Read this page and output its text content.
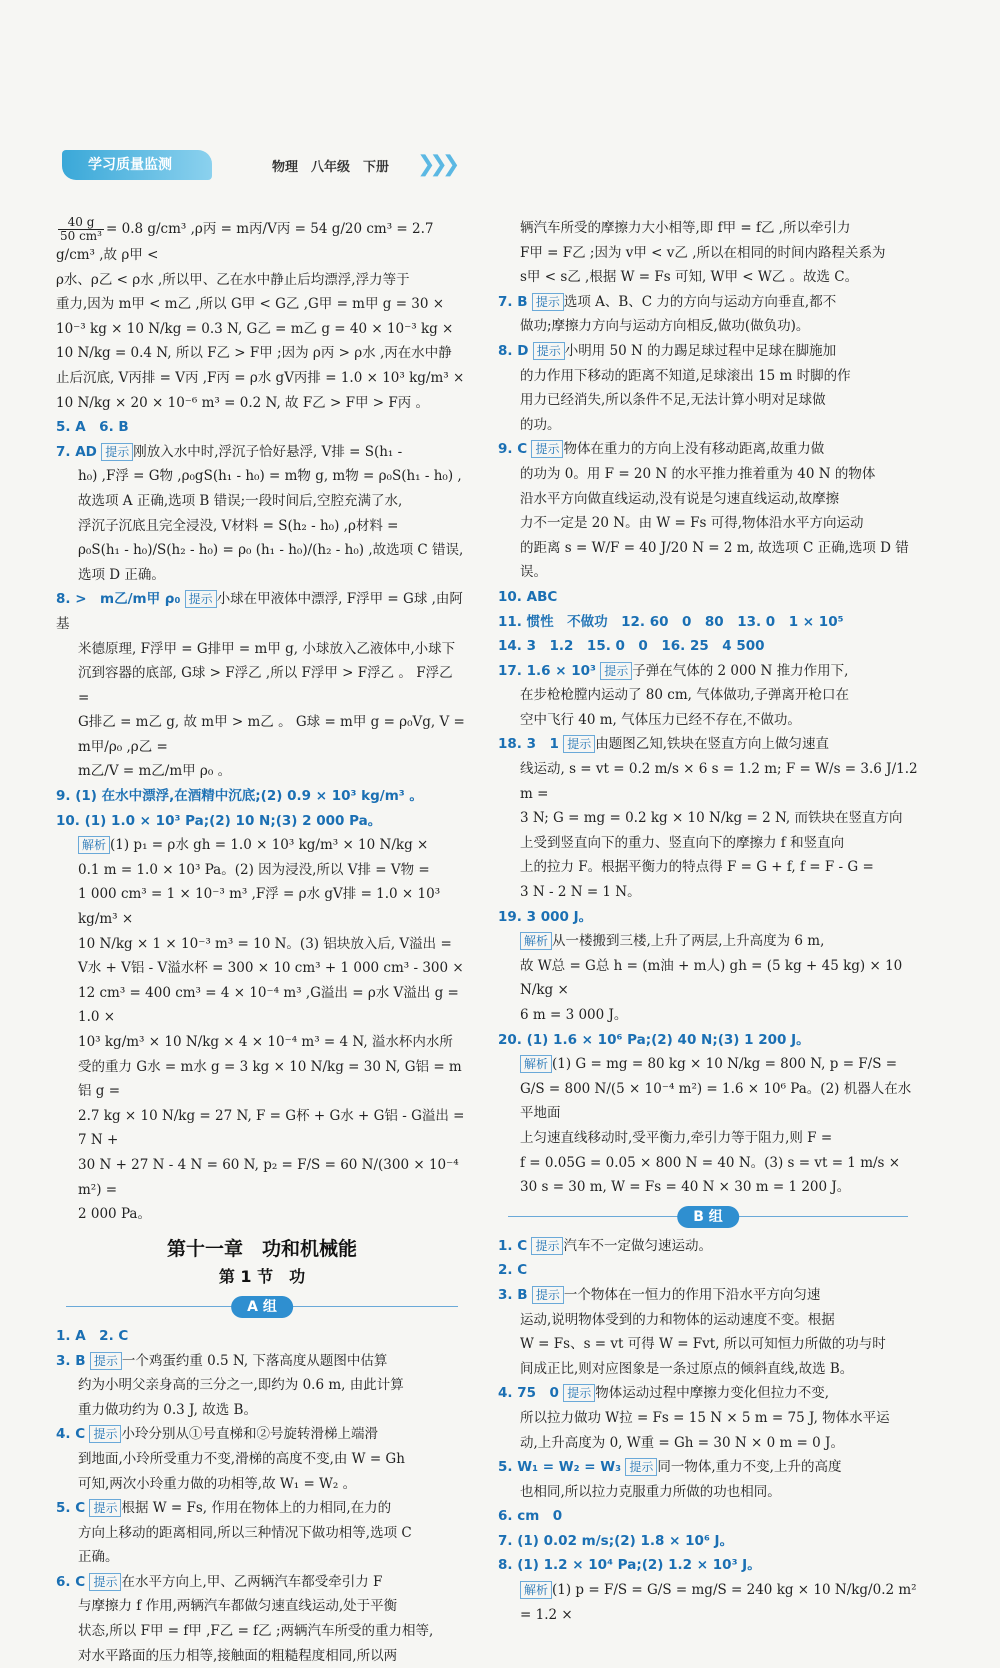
学习质量监测	物理　八年级　下册 ❯❯❯

$\frac{40 g}{\text{50 cm³}} = 0.8$ g/cm³ ,ρ丙 = m丙/V丙 = 54 g/20 cm³ = 2.7 g/cm³ ,故 ρ甲 <

ρ水、ρ乙 < ρ水 ,所以甲、乙在水中静止后均漂浮,浮力等于

重力,因为 m甲 < m乙 ,所以 G甲 < G乙 ,G甲 = m甲 g = 30 ×

10⁻³ kg × 10 N/kg = 0.3 N, G乙 = m乙 g = 40 × 10⁻³ kg ×

10 N/kg = 0.4 N, 所以 F乙 > F甲 ;因为 ρ丙 > ρ水 ,丙在水中静

止后沉底, V丙排 = V丙 ,F丙 = ρ水 gV丙排 = 1.0 × 10³ kg/m³ ×

10 N/kg × 20 × 10⁻⁶ m³ = 0.2 N, 故 F乙 > F甲 > F丙 。

5. A　6. B

7. AD 提示 刚放入水中时,浮沉子恰好悬浮, V排 = S(h₁ -

h₀) ,F浮 = G物 ,ρ₀gS(h₁ - h₀) = m物 g, m物 = ρ₀S(h₁ - h₀) ,

故选项 A 正确,选项 B 错误;一段时间后,空腔充满了水,

浮沉子沉底且完全浸没, V材料 = S(h₂ - h₀) ,ρ材料 =

ρ₀S(h₁ - h₀)/S(h₂ - h₀) = ρ₀ (h₁ - h₀)/(h₂ - h₀) ,故选项 C 错误,选项 D 正确。

8. >　m乙/m甲 ρ₀ 提示 小球在甲液体中漂浮, F浮甲 = G球 ,由阿基

米德原理, F浮甲 = G排甲 = m甲 g, 小球放入乙液体中,小球下

沉到容器的底部, G球 > F浮乙 ,所以 F浮甲 > F浮乙 。 F浮乙 =

G排乙 = m乙 g, 故 m甲 > m乙 。 G球 = m甲 g = ρ₀Vg, V = m甲/ρ₀ ,ρ乙 =

m乙/V = m乙/m甲 ρ₀ 。

9. (1) 在水中漂浮,在酒精中沉底;(2) 0.9 × 10³ kg/m³ 。

10. (1) 1.0 × 10³ Pa;(2) 10 N;(3) 2 000 Pa。

解析 (1) p₁ = ρ水 gh = 1.0 × 10³ kg/m³ × 10 N/kg ×

0.1 m = 1.0 × 10³ Pa。(2) 因为浸没,所以 V排 = V物 =

1 000 cm³ = 1 × 10⁻³ m³ ,F浮 = ρ水 gV排 = 1.0 × 10³ kg/m³ ×

10 N/kg × 1 × 10⁻³ m³ = 10 N。(3) 铝块放入后, V溢出 =

V水 + V铝 - V溢水杯 = 300 × 10 cm³ + 1 000 cm³ - 300 ×

12 cm³ = 400 cm³ = 4 × 10⁻⁴ m³ ,G溢出 = ρ水 V溢出 g = 1.0 ×

10³ kg/m³ × 10 N/kg × 4 × 10⁻⁴ m³ = 4 N, 溢水杯内水所

受的重力 G水 = m水 g = 3 kg × 10 N/kg = 30 N, G铝 = m铝 g =

2.7 kg × 10 N/kg = 27 N, F = G杯 + G水 + G铝 - G溢出 = 7 N +

30 N + 27 N - 4 N = 60 N, p₂ = F/S = 60 N/(300 × 10⁻⁴ m²) =

2 000 Pa。

第十一章　功和机械能
第 1 节　功
A 组

1. A　2. C

3. B 提示 一个鸡蛋约重 0.5 N, 下落高度从题图中估算

约为小明父亲身高的三分之一,即约为 0.6 m, 由此计算

重力做功约为 0.3 J, 故选 B。

4. C 提示 小玲分别从①号直梯和②号旋转滑梯上端滑

到地面,小玲所受重力不变,滑梯的高度不变,由 W = Gh

可知,两次小玲重力做的功相等,故 W₁ = W₂ 。

5. C 提示 根据 W = Fs, 作用在物体上的力相同,在力的

方向上移动的距离相同,所以三种情况下做功相等,选项 C

正确。

6. C 提示 在水平方向上,甲、乙两辆汽车都受牵引力 F

与摩擦力 f 作用,两辆汽车都做匀速直线运动,处于平衡

状态,所以 F甲 = f甲 ,F乙 = f乙 ;两辆汽车所受的重力相等,

对水平路面的压力相等,接触面的粗糙程度相同,所以两

辆汽车所受的摩擦力大小相等,即 f甲 = f乙 ,所以牵引力

F甲 = F乙 ;因为 v甲 < v乙 ,所以在相同的时间内路程关系为

s甲 < s乙 ,根据 W = Fs 可知, W甲 < W乙 。故选 C。

7. B 提示 选项 A、B、C 力的方向与运动方向垂直,都不

做功;摩擦力方向与运动方向相反,做功(做负功)。

8. D 提示 小明用 50 N 的力踢足球过程中足球在脚施加

的力作用下移动的距离不知道,足球滚出 15 m 时脚的作

用力已经消失,所以条件不足,无法计算小明对足球做

的功。

9. C 提示 物体在重力的方向上没有移动距离,故重力做

的功为 0。用 F = 20 N 的水平推力推着重为 40 N 的物体

沿水平方向做直线运动,没有说是匀速直线运动,故摩擦

力不一定是 20 N。由 W = Fs 可得,物体沿水平方向运动

的距离 s = W/F = 40 J/20 N = 2 m, 故选项 C 正确,选项 D 错误。

10. ABC

11. 惯性　不做功　12. 60　0　80　13. 0　1 × 10⁵

14. 3　1.2　15. 0　0　16. 25　4 500

17. 1.6 × 10³ 提示 子弹在气体的 2 000 N 推力作用下,

在步枪枪膛内运动了 80 cm, 气体做功,子弹离开枪口在

空中飞行 40 m, 气体压力已经不存在,不做功。

18. 3　1 提示 由题图乙知,铁块在竖直方向上做匀速直

线运动, s = vt = 0.2 m/s × 6 s = 1.2 m; F = W/s = 3.6 J/1.2 m =

3 N; G = mg = 0.2 kg × 10 N/kg = 2 N, 而铁块在竖直方向

上受到竖直向下的重力、竖直向下的摩擦力 f 和竖直向

上的拉力 F。根据平衡力的特点得 F = G + f, f = F - G =

3 N - 2 N = 1 N。

19. 3 000 J。

解析 从一楼搬到三楼,上升了两层,上升高度为 6 m,

故 W总 = G总 h = (m油 + m人) gh = (5 kg + 45 kg) × 10 N/kg ×

6 m = 3 000 J。

20. (1) 1.6 × 10⁶ Pa;(2) 40 N;(3) 1 200 J。

解析 (1) G = mg = 80 kg × 10 N/kg = 800 N, p = F/S =

G/S = 800 N/(5 × 10⁻⁴ m²) = 1.6 × 10⁶ Pa。(2) 机器人在水平地面

上匀速直线移动时,受平衡力,牵引力等于阻力,则 F =

f = 0.05G = 0.05 × 800 N = 40 N。(3) s = vt = 1 m/s ×

30 s = 30 m, W = Fs = 40 N × 30 m = 1 200 J。

B 组

1. C 提示 汽车不一定做匀速运动。

2. C

3. B 提示 一个物体在一恒力的作用下沿水平方向匀速

运动,说明物体受到的力和物体的运动速度不变。根据

W = Fs、s = vt 可得 W = Fvt, 所以可知恒力所做的功与时

间成正比,则对应图象是一条过原点的倾斜直线,故选 B。

4. 75　0 提示 物体运动过程中摩擦力变化但拉力不变,

所以拉力做功 W拉 = Fs = 15 N × 5 m = 75 J, 物体水平运

动,上升高度为 0, W重 = Gh = 30 N × 0 m = 0 J。

5. W₁ = W₂ = W₃ 提示 同一物体,重力不变,上升的高度

也相同,所以拉力克服重力所做的功也相同。

6. cm　0

7. (1) 0.02 m/s;(2) 1.8 × 10⁶ J。

8. (1) 1.2 × 10⁴ Pa;(2) 1.2 × 10³ J。

解析 (1) p = F/S = G/S = mg/S = 240 kg × 10 N/kg/0.2 m² = 1.2 ×
